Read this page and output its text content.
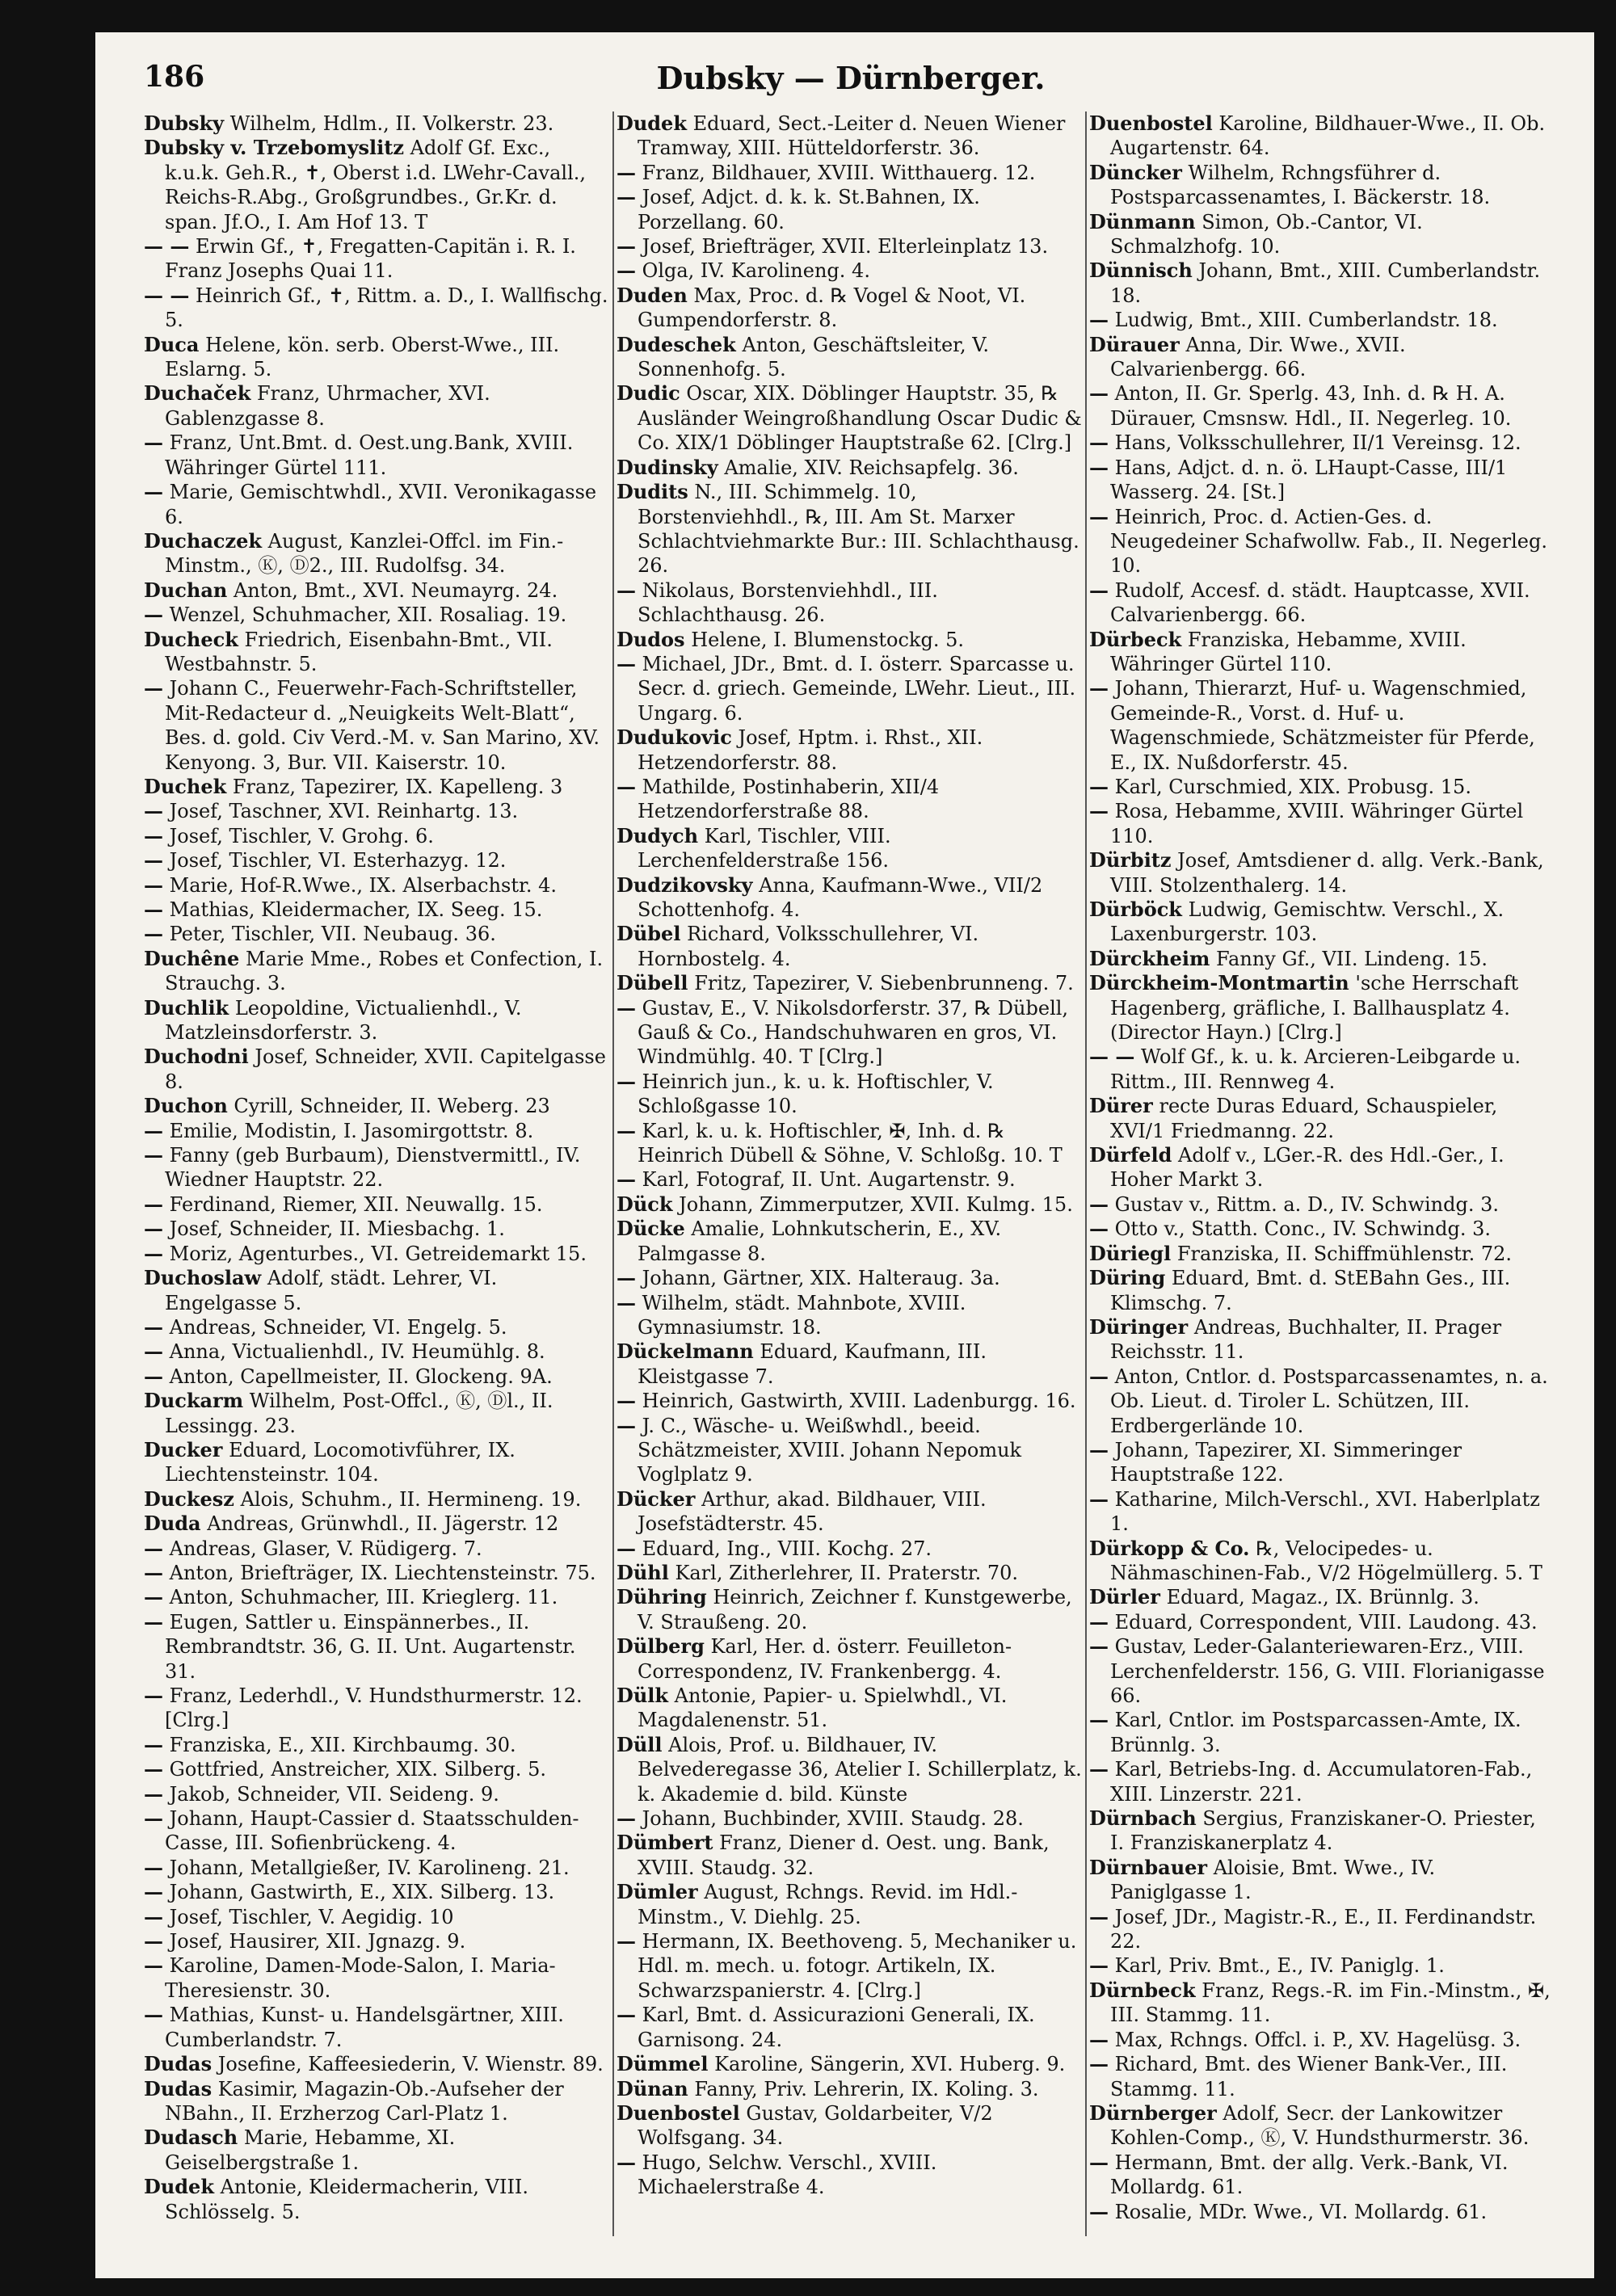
186	Dubsky — Dürnberger.

Dubsky Wilhelm, Hdlm., II. Volkerstr. 23.

Dubsky v. Trzebomyslitz Adolf Gf. Exc., k.u.k. Geh.R., ✝, Oberst i.d. LWehr-Cavall., Reichs-R.Abg., Großgrundbes., Gr.Kr. d. span. Jf.O., I. Am Hof 13. T

— — Erwin Gf., ✝, Fregatten-Capitän i. R. I. Franz Josephs Quai 11.

— — Heinrich Gf., ✝, Rittm. a. D., I. Wallfischg. 5.

Duca Helene, kön. serb. Oberst-Wwe., III. Eslarng. 5.

Duchaček Franz, Uhrmacher, XVI. Gablenzgasse 8.

— Franz, Unt.Bmt. d. Oest.ung.Bank, XVIII. Währinger Gürtel 111.

— Marie, Gemischtwhdl., XVII. Veronikagasse 6.

Duchaczek August, Kanzlei-Offcl. im Fin.-Minstm., Ⓚ, Ⓓ2., III. Rudolfsg. 34.

Duchan Anton, Bmt., XVI. Neumayrg. 24.

— Wenzel, Schuhmacher, XII. Rosaliag. 19.

Ducheck Friedrich, Eisenbahn-Bmt., VII. Westbahnstr. 5.

— Johann C., Feuerwehr-Fach-Schriftsteller, Mit-Redacteur d. „Neuigkeits Welt-Blatt“, Bes. d. gold. Civ Verd.-M. v. San Marino, XV. Kenyong. 3, Bur. VII. Kaiserstr. 10.

Duchek Franz, Tapezirer, IX. Kapelleng. 3

— Josef, Taschner, XVI. Reinhartg. 13.

— Josef, Tischler, V. Grohg. 6.

— Josef, Tischler, VI. Esterhazyg. 12.

— Marie, Hof-R.Wwe., IX. Alserbachstr. 4.

— Mathias, Kleidermacher, IX. Seeg. 15.

— Peter, Tischler, VII. Neubaug. 36.

Duchêne Marie Mme., Robes et Confection, I. Strauchg. 3.

Duchlik Leopoldine, Victualienhdl., V. Matzleinsdorferstr. 3.

Duchodni Josef, Schneider, XVII. Capitelgasse 8.

Duchon Cyrill, Schneider, II. Weberg. 23

— Emilie, Modistin, I. Jasomirgottstr. 8.

— Fanny (geb Burbaum), Dienstvermittl., IV. Wiedner Hauptstr. 22.

— Ferdinand, Riemer, XII. Neuwallg. 15.

— Josef, Schneider, II. Miesbachg. 1.

— Moriz, Agenturbes., VI. Getreidemarkt 15.

Duchoslaw Adolf, städt. Lehrer, VI. Engelgasse 5.

— Andreas, Schneider, VI. Engelg. 5.

— Anna, Victualienhdl., IV. Heumühlg. 8.

— Anton, Capellmeister, II. Glockeng. 9A.

Duckarm Wilhelm, Post-Offcl., Ⓚ, Ⓓl., II. Lessingg. 23.

Ducker Eduard, Locomotivführer, IX. Liechtensteinstr. 104.

Duckesz Alois, Schuhm., II. Hermineng. 19.

Duda Andreas, Grünwhdl., II. Jägerstr. 12

— Andreas, Glaser, V. Rüdigerg. 7.

— Anton, Briefträger, IX. Liechtensteinstr. 75.

— Anton, Schuhmacher, III. Krieglerg. 11.

— Eugen, Sattler u. Einspännerbes., II. Rembrandtstr. 36, G. II. Unt. Augartenstr. 31.

— Franz, Lederhdl., V. Hundsthurmerstr. 12. [Clrg.]

— Franziska, E., XII. Kirchbaumg. 30.

— Gottfried, Anstreicher, XIX. Silberg. 5.

— Jakob, Schneider, VII. Seideng. 9.

— Johann, Haupt-Cassier d. Staatsschulden-Casse, III. Sofienbrückeng. 4.

— Johann, Metallgießer, IV. Karolineng. 21.

— Johann, Gastwirth, E., XIX. Silberg. 13.

— Josef, Tischler, V. Aegidig. 10

— Josef, Hausirer, XII. Jgnazg. 9.

— Karoline, Damen-Mode-Salon, I. Maria-Theresienstr. 30.

— Mathias, Kunst- u. Handelsgärtner, XIII. Cumberlandstr. 7.

Dudas Josefine, Kaffeesiederin, V. Wienstr. 89.

Dudas Kasimir, Magazin-Ob.-Aufseher der NBahn., II. Erzherzog Carl-Platz 1.

Dudasch Marie, Hebamme, XI. Geiselbergstraße 1.

Dudek Antonie, Kleidermacherin, VIII. Schlösselg. 5.

Dudek Eduard, Sect.-Leiter d. Neuen Wiener Tramway, XIII. Hütteldorferstr. 36.

— Franz, Bildhauer, XVIII. Witthauerg. 12.

— Josef, Adjct. d. k. k. St.Bahnen, IX. Porzellang. 60.

— Josef, Briefträger, XVII. Elterleinplatz 13.

— Olga, IV. Karolineng. 4.

Duden Max, Proc. d. ℞ Vogel & Noot, VI. Gumpendorferstr. 8.

Dudeschek Anton, Geschäftsleiter, V. Sonnenhofg. 5.

Dudic Oscar, XIX. Döblinger Hauptstr. 35, ℞ Ausländer Weingroßhandlung Oscar Dudic & Co. XIX/1 Döblinger Hauptstraße 62. [Clrg.]

Dudinsky Amalie, XIV. Reichsapfelg. 36.

Dudits N., III. Schimmelg. 10, Borstenviehhdl., ℞, III. Am St. Marxer Schlachtviehmarkte Bur.: III. Schlachthausg. 26.

— Nikolaus, Borstenviehhdl., III. Schlachthausg. 26.

Dudos Helene, I. Blumenstockg. 5.

— Michael, JDr., Bmt. d. I. österr. Sparcasse u. Secr. d. griech. Gemeinde, LWehr. Lieut., III. Ungarg. 6.

Dudukovic Josef, Hptm. i. Rhst., XII. Hetzendorferstr. 88.

— Mathilde, Postinhaberin, XII/4 Hetzendorferstraße 88.

Dudych Karl, Tischler, VIII. Lerchenfelderstraße 156.

Dudzikovsky Anna, Kaufmann-Wwe., VII/2 Schottenhofg. 4.

Dübel Richard, Volksschullehrer, VI. Hornbostelg. 4.

Dübell Fritz, Tapezirer, V. Siebenbrunneng. 7.

— Gustav, E., V. Nikolsdorferstr. 37, ℞ Dübell, Gauß & Co., Handschuhwaren en gros, VI. Windmühlg. 40. T [Clrg.]

— Heinrich jun., k. u. k. Hoftischler, V. Schloßgasse 10.

— Karl, k. u. k. Hoftischler, ✠, Inh. d. ℞ Heinrich Dübell & Söhne, V. Schloßg. 10. T

— Karl, Fotograf, II. Unt. Augartenstr. 9.

Dück Johann, Zimmerputzer, XVII. Kulmg. 15.

Dücke Amalie, Lohnkutscherin, E., XV. Palmgasse 8.

— Johann, Gärtner, XIX. Halteraug. 3a.

— Wilhelm, städt. Mahnbote, XVIII. Gymnasiumstr. 18.

Dückelmann Eduard, Kaufmann, III. Kleistgasse 7.

— Heinrich, Gastwirth, XVIII. Ladenburgg. 16.

— J. C., Wäsche- u. Weißwhdl., beeid. Schätzmeister, XVIII. Johann Nepomuk Voglplatz 9.

Dücker Arthur, akad. Bildhauer, VIII. Josefstädterstr. 45.

— Eduard, Ing., VIII. Kochg. 27.

Dühl Karl, Zitherlehrer, II. Praterstr. 70.

Dühring Heinrich, Zeichner f. Kunstgewerbe, V. Straußeng. 20.

Dülberg Karl, Her. d. österr. Feuilleton-Correspondenz, IV. Frankenbergg. 4.

Dülk Antonie, Papier- u. Spielwhdl., VI. Magdalenenstr. 51.

Düll Alois, Prof. u. Bildhauer, IV. Belvederegasse 36, Atelier I. Schillerplatz, k. k. Akademie d. bild. Künste

— Johann, Buchbinder, XVIII. Staudg. 28.

Dümbert Franz, Diener d. Oest. ung. Bank, XVIII. Staudg. 32.

Dümler August, Rchngs. Revid. im Hdl.-Minstm., V. Diehlg. 25.

— Hermann, IX. Beethoveng. 5, Mechaniker u. Hdl. m. mech. u. fotogr. Artikeln, IX. Schwarzspanierstr. 4. [Clrg.]

— Karl, Bmt. d. Assicurazioni Generali, IX. Garnisong. 24.

Dümmel Karoline, Sängerin, XVI. Huberg. 9.

Dünan Fanny, Priv. Lehrerin, IX. Koling. 3.

Duenbostel Gustav, Goldarbeiter, V/2 Wolfsgang. 34.

— Hugo, Selchw. Verschl., XVIII. Michaelerstraße 4.

Duenbostel Karoline, Bildhauer-Wwe., II. Ob. Augartenstr. 64.

Düncker Wilhelm, Rchngsführer d. Postsparcassenamtes, I. Bäckerstr. 18.

Dünmann Simon, Ob.-Cantor, VI. Schmalzhofg. 10.

Dünnisch Johann, Bmt., XIII. Cumberlandstr. 18.

— Ludwig, Bmt., XIII. Cumberlandstr. 18.

Dürauer Anna, Dir. Wwe., XVII. Calvarienbergg. 66.

— Anton, II. Gr. Sperlg. 43, Inh. d. ℞ H. A. Dürauer, Cmsnsw. Hdl., II. Negerleg. 10.

— Hans, Volksschullehrer, II/1 Vereinsg. 12.

— Hans, Adjct. d. n. ö. LHaupt-Casse, III/1 Wasserg. 24. [St.]

— Heinrich, Proc. d. Actien-Ges. d. Neugedeiner Schafwollw. Fab., II. Negerleg. 10.

— Rudolf, Accesf. d. städt. Hauptcasse, XVII. Calvarienbergg. 66.

Dürbeck Franziska, Hebamme, XVIII. Währinger Gürtel 110.

— Johann, Thierarzt, Huf- u. Wagenschmied, Gemeinde-R., Vorst. d. Huf- u. Wagenschmiede, Schätzmeister für Pferde, E., IX. Nußdorferstr. 45.

— Karl, Curschmied, XIX. Probusg. 15.

— Rosa, Hebamme, XVIII. Währinger Gürtel 110.

Dürbitz Josef, Amtsdiener d. allg. Verk.-Bank, VIII. Stolzenthalerg. 14.

Dürböck Ludwig, Gemischtw. Verschl., X. Laxenburgerstr. 103.

Dürckheim Fanny Gf., VII. Lindeng. 15.

Dürckheim-Montmartin 'sche Herrschaft Hagenberg, gräfliche, I. Ballhausplatz 4. (Director Hayn.) [Clrg.]

— — Wolf Gf., k. u. k. Arcieren-Leibgarde u. Rittm., III. Rennweg 4.

Dürer recte Duras Eduard, Schauspieler, XVI/1 Friedmanng. 22.

Dürfeld Adolf v., LGer.-R. des Hdl.-Ger., I. Hoher Markt 3.

— Gustav v., Rittm. a. D., IV. Schwindg. 3.

— Otto v., Statth. Conc., IV. Schwindg. 3.

Düriegl Franziska, II. Schiffmühlenstr. 72.

Düring Eduard, Bmt. d. StEBahn Ges., III. Klimschg. 7.

Düringer Andreas, Buchhalter, II. Prager Reichsstr. 11.

— Anton, Cntlor. d. Postsparcassenamtes, n. a. Ob. Lieut. d. Tiroler L. Schützen, III. Erdbergerlände 10.

— Johann, Tapezirer, XI. Simmeringer Hauptstraße 122.

— Katharine, Milch-Verschl., XVI. Haberlplatz 1.

Dürkopp & Co. ℞, Velocipedes- u. Nähmaschinen-Fab., V/2 Högelmüllerg. 5. T

Dürler Eduard, Magaz., IX. Brünnlg. 3.

— Eduard, Correspondent, VIII. Laudong. 43.

— Gustav, Leder-Galanteriewaren-Erz., VIII. Lerchenfelderstr. 156, G. VIII. Florianigasse 66.

— Karl, Cntlor. im Postsparcassen-Amte, IX. Brünnlg. 3.

— Karl, Betriebs-Ing. d. Accumulatoren-Fab., XIII. Linzerstr. 221.

Dürnbach Sergius, Franziskaner-O. Priester, I. Franziskanerplatz 4.

Dürnbauer Aloisie, Bmt. Wwe., IV. Paniglgasse 1.

— Josef, JDr., Magistr.-R., E., II. Ferdinandstr. 22.

— Karl, Priv. Bmt., E., IV. Paniglg. 1.

Dürnbeck Franz, Regs.-R. im Fin.-Minstm., ✠, III. Stammg. 11.

— Max, Rchngs. Offcl. i. P., XV. Hagelüsg. 3.

— Richard, Bmt. des Wiener Bank-Ver., III. Stammg. 11.

Dürnberger Adolf, Secr. der Lankowitzer Kohlen-Comp., Ⓚ, V. Hundsthurmerstr. 36.

— Hermann, Bmt. der allg. Verk.-Bank, VI. Mollardg. 61.

— Rosalie, MDr. Wwe., VI. Mollardg. 61.
